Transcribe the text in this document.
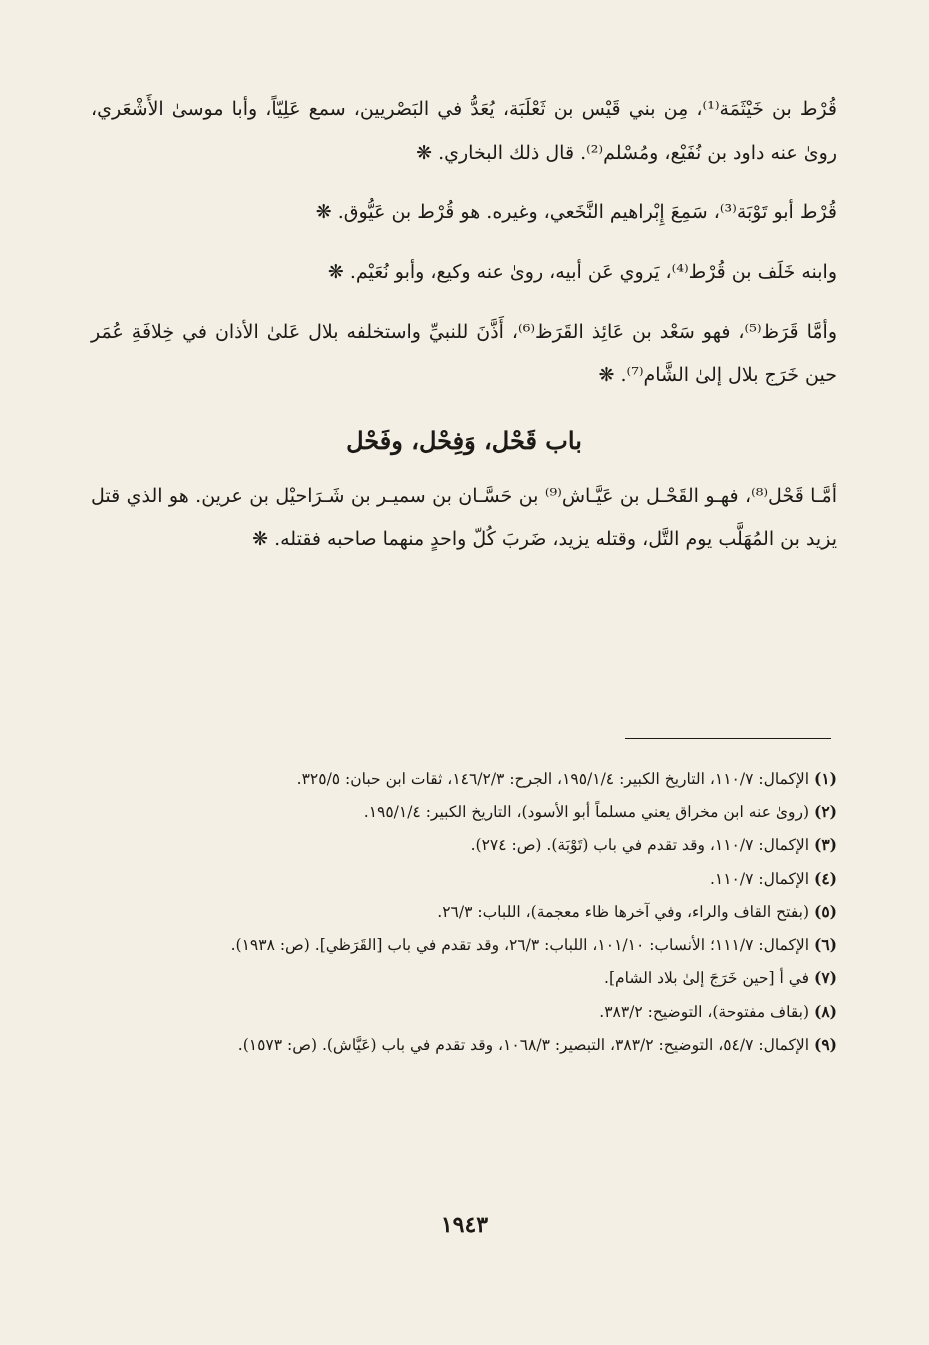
قُرْط بن خَيْثَمَة⁽¹⁾، مِن بني قَيْس بن ثَعْلَبَة، يُعَدُّ في البَصْريين، سمع عَلِيّاً، وأبا موسىٰ الأَشْعَري، روىٰ عنه داود بن نُفَيْع، ومُسْلم⁽²⁾. قال ذلك البخاري. ❋

قُرْط أبو تَوْبَة⁽³⁾، سَمِعَ إِبْراهيم النَّخَعي، وغيره. هو قُرْط بن عَيُّوق. ❋

وابنه خَلَف بن قُرْط⁽⁴⁾، يَروي عَن أبيه، روىٰ عنه وكيع، وأبو نُعَيْم. ❋

وأمَّا قَرَظ⁽⁵⁾، فهو سَعْد بن عَائِذ القَرَظ⁽⁶⁾، أَذَّنَ للنبيِّ واستخلفه بلال عَلىٰ الأذان في خِلافَةِ عُمَر حين خَرَج بلال إلىٰ الشَّام⁽⁷⁾. ❋

باب قَحْل، وَفِحْل، وفَحْل

أمَّـا قَحْل⁽⁸⁾، فهـو القَحْـل بن عَيَّـاش⁽⁹⁾ بن حَسَّـان بن سميـر بن شَـرَاحيْل بن عرين. هو الذي قتل يزيد بن المُهَلَّب يوم التَّل، وقتله يزيد، ضَربَ كُلّ واحدٍ منهما صاحبه فقتله. ❋

(١) الإكمال: ١١٠/٧، التاريخ الكبير: ١٩٥/١/٤، الجرح: ١٤٦/٢/٣، ثقات ابن حبان: ٣٢٥/٥.

(٢) (روىٰ عنه ابن مخراق يعني مسلماً أبو الأسود)، التاريخ الكبير: ١٩٥/١/٤.

(٣) الإكمال: ١١٠/٧، وقد تقدم في باب (تَوْبَة). (ص: ٢٧٤).

(٤) الإكمال: ١١٠/٧.

(٥) (بفتح القاف والراء، وفي آخرها ظاء معجمة)، اللباب: ٢٦/٣.

(٦) الإكمال: ١١١/٧؛ الأنساب: ١٠١/١٠، اللباب: ٢٦/٣، وقد تقدم في باب [القَرَظي]. (ص: ١٩٣٨).

(٧) في أ [حين خَرَجَ إلىٰ بلاد الشام].

(٨) (بقاف مفتوحة)، التوضيح: ٣٨٣/٢.

(٩) الإكمال: ٥٤/٧، التوضيح: ٣٨٣/٢، التبصير: ١٠٦٨/٣، وقد تقدم في باب (عَيَّاش). (ص: ١٥٧٣).

١٩٤٣
